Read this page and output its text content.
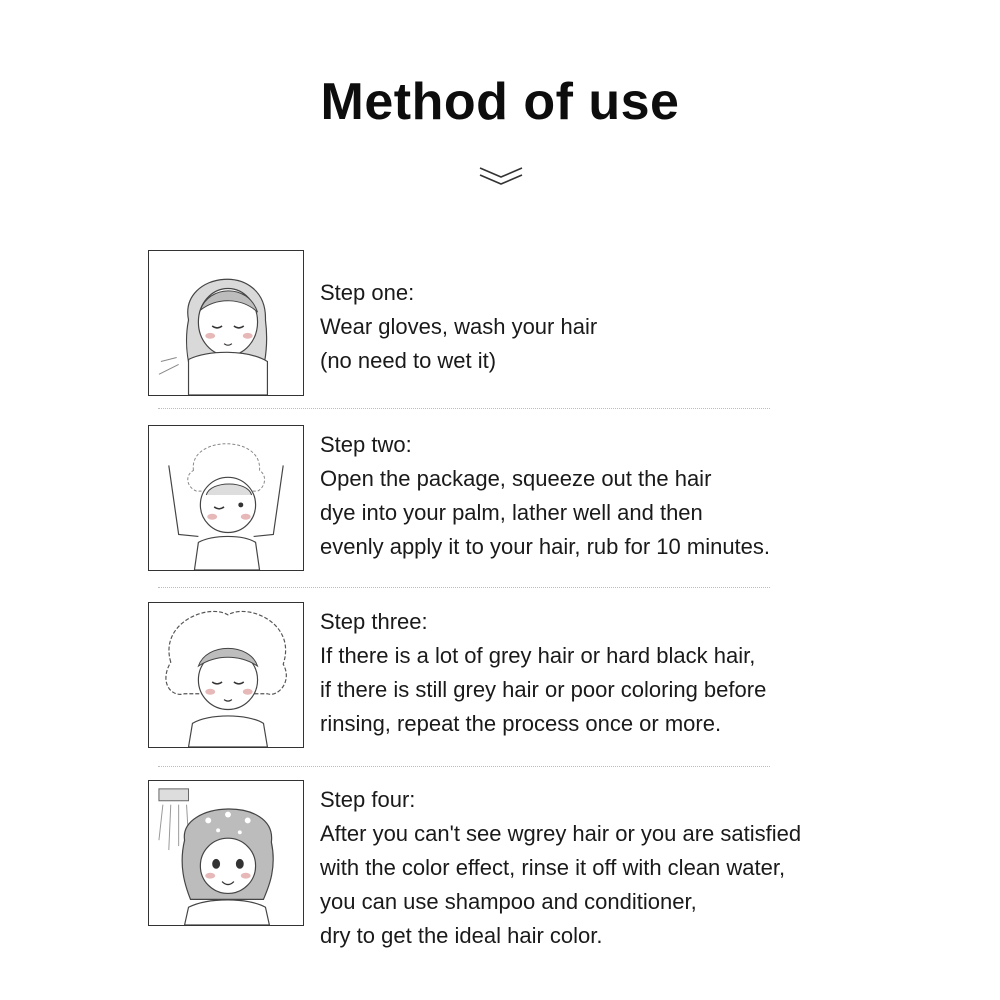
Method of use
Step one:
Wear gloves, wash your hair
(no need to wet it)
Step two:
Open the package, squeeze out the hair
dye into your palm, lather well and then
evenly apply it to your hair, rub for 10 minutes.
Step three:
If there is a lot of grey hair or hard black hair,
if there is still grey hair or poor coloring before
rinsing, repeat the process once or more.
Step four:
After you can't see wgrey hair or you are satisfied
with the color effect, rinse it off with clean water,
you can use shampoo and conditioner,
dry to get the ideal hair color.
